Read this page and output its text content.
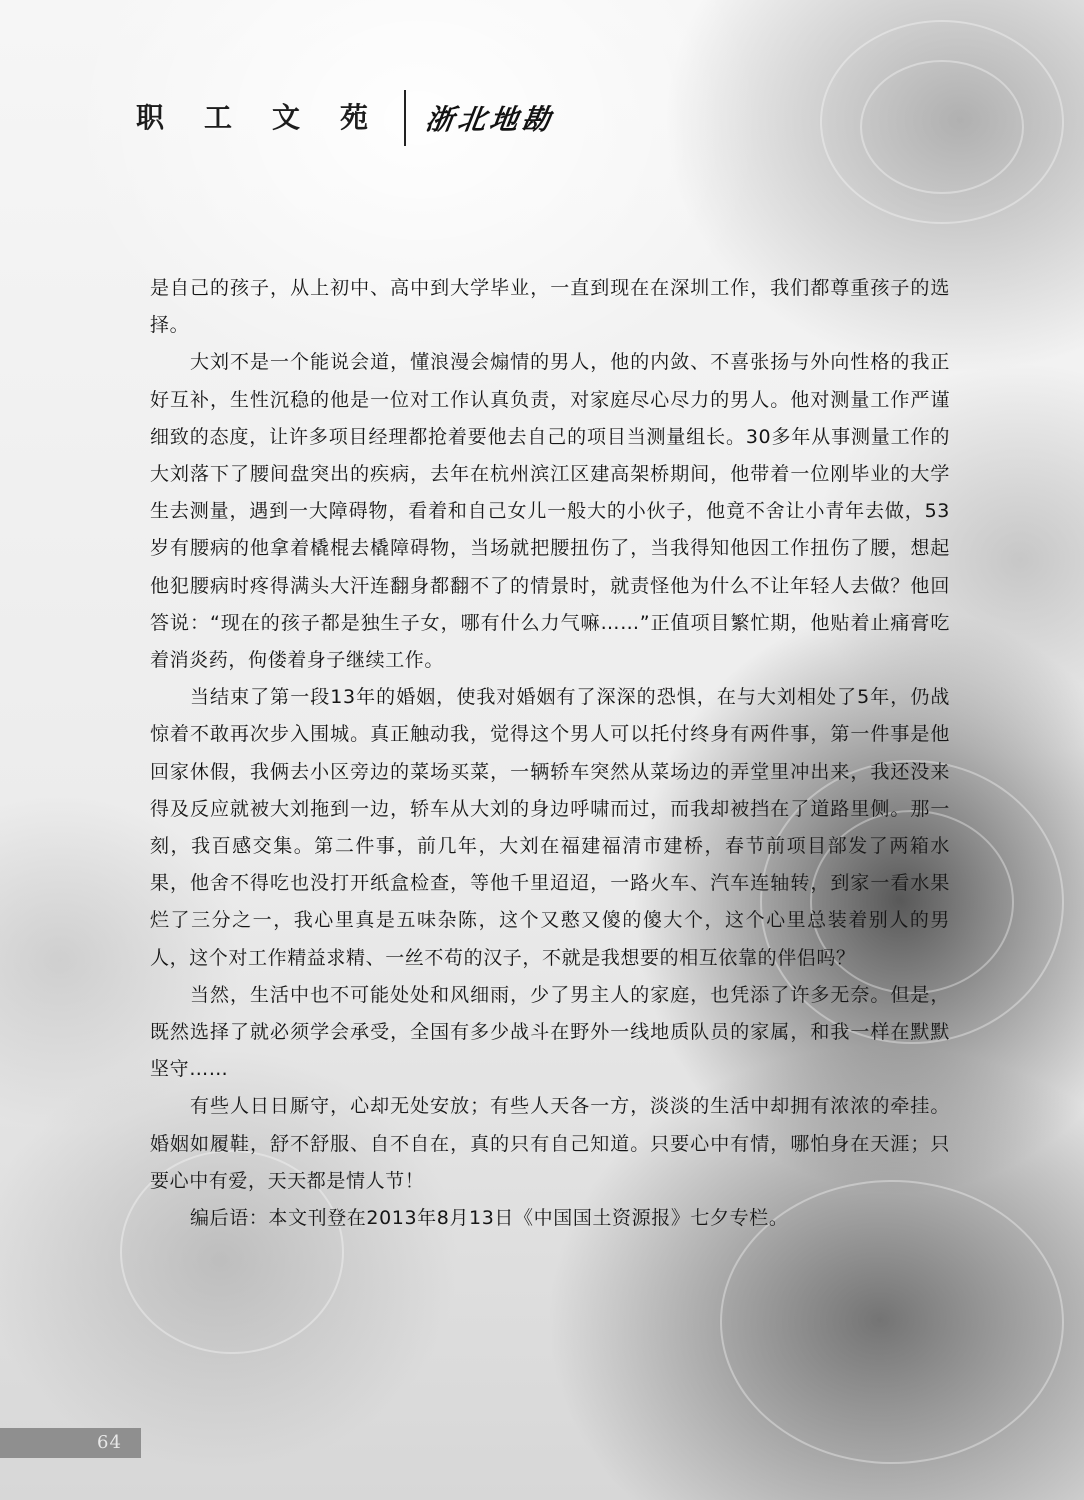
职 工 文 苑 浙北地勘

是自己的孩子，从上初中、高中到大学毕业，一直到现在在深圳工作，我们都尊重孩子的选择。

大刘不是一个能说会道，懂浪漫会煽情的男人，他的内敛、不喜张扬与外向性格的我正好互补，生性沉稳的他是一位对工作认真负责，对家庭尽心尽力的男人。他对测量工作严谨细致的态度，让许多项目经理都抢着要他去自己的项目当测量组长。30多年从事测量工作的大刘落下了腰间盘突出的疾病，去年在杭州滨江区建高架桥期间，他带着一位刚毕业的大学生去测量，遇到一大障碍物，看着和自己女儿一般大的小伙子，他竟不舍让小青年去做，53岁有腰病的他拿着橇棍去橇障碍物，当场就把腰扭伤了，当我得知他因工作扭伤了腰，想起他犯腰病时疼得满头大汗连翻身都翻不了的情景时，就责怪他为什么不让年轻人去做？他回答说：“现在的孩子都是独生子女，哪有什么力气嘛……”正值项目繁忙期，他贴着止痛膏吃着消炎药，佝偻着身子继续工作。

当结束了第一段13年的婚姻，使我对婚姻有了深深的恐惧，在与大刘相处了5年，仍战惊着不敢再次步入围城。真正触动我，觉得这个男人可以托付终身有两件事，第一件事是他回家休假，我俩去小区旁边的菜场买菜，一辆轿车突然从菜场边的弄堂里冲出来，我还没来得及反应就被大刘拖到一边，轿车从大刘的身边呼啸而过，而我却被挡在了道路里侧。那一刻，我百感交集。第二件事，前几年，大刘在福建福清市建桥，春节前项目部发了两箱水果，他舍不得吃也没打开纸盒检查，等他千里迢迢，一路火车、汽车连轴转，到家一看水果烂了三分之一，我心里真是五味杂陈，这个又憨又傻的傻大个，这个心里总装着别人的男人，这个对工作精益求精、一丝不苟的汉子，不就是我想要的相互依靠的伴侣吗？

当然，生活中也不可能处处和风细雨，少了男主人的家庭，也凭添了许多无奈。但是，既然选择了就必须学会承受，全国有多少战斗在野外一线地质队员的家属，和我一样在默默坚守……

有些人日日厮守，心却无处安放；有些人天各一方，淡淡的生活中却拥有浓浓的牵挂。 婚姻如履鞋，舒不舒服、自不自在，真的只有自己知道。只要心中有情，哪怕身在天涯；只要心中有爱，天天都是情人节！

编后语：本文刊登在2013年8月13日《中国国土资源报》七夕专栏。

64
